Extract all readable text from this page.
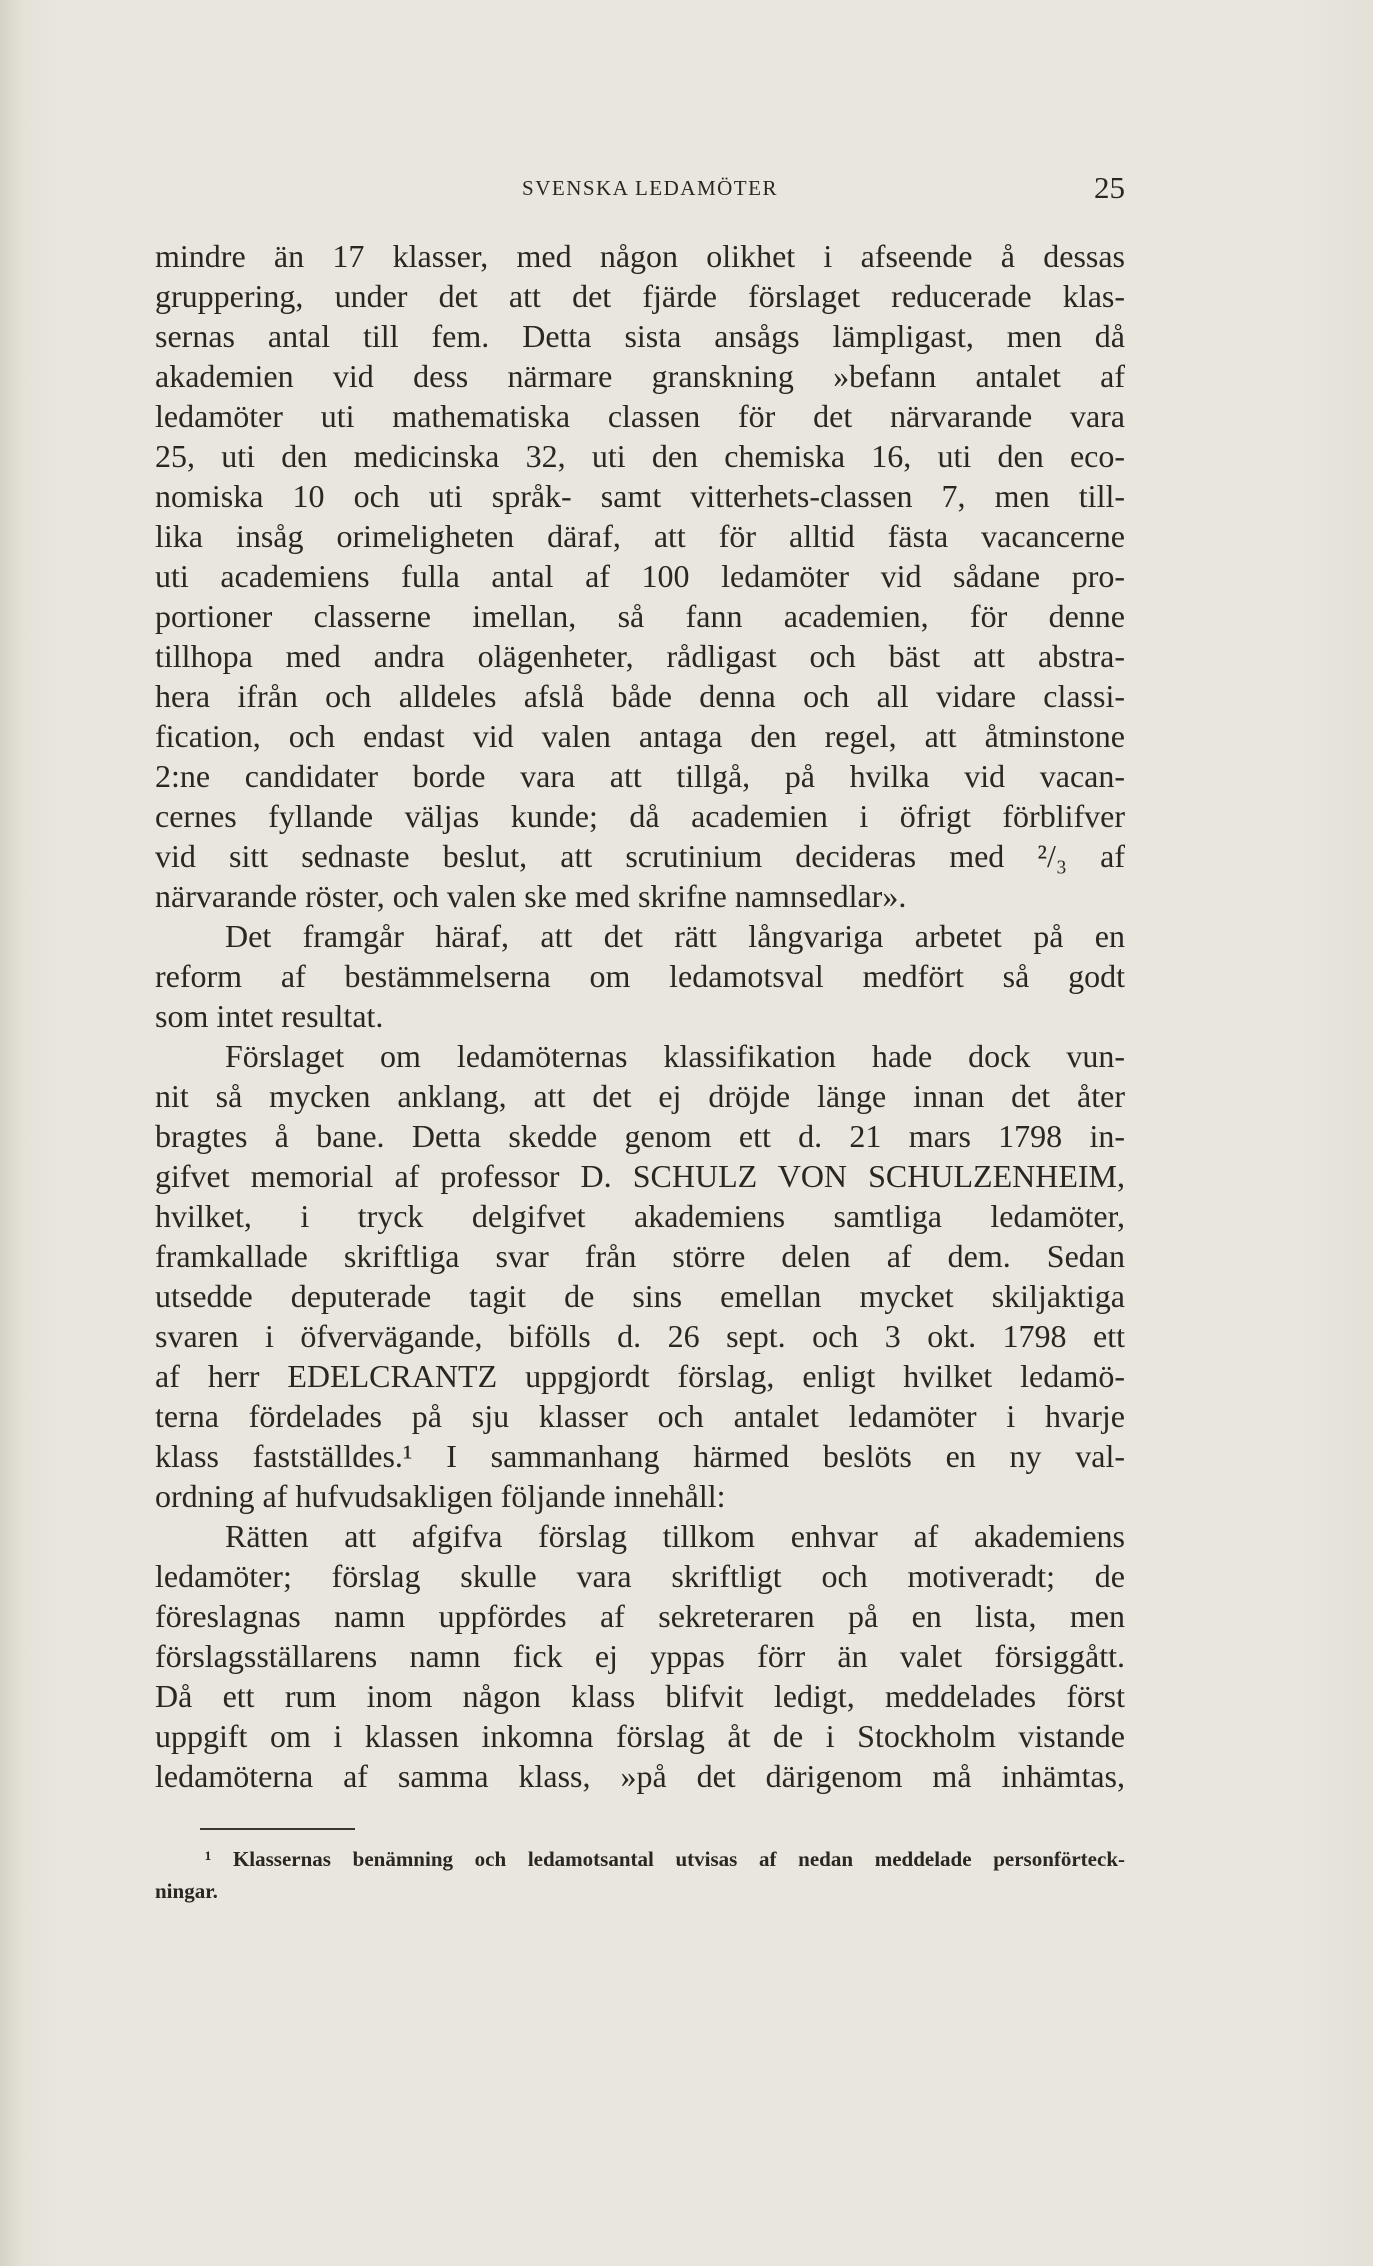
SVENSKA LEDAMÖTER	25
mindre än 17 klasser, med någon olikhet i afseende å dessas
gruppering, under det att det fjärde förslaget reducerade klas-
sernas antal till fem. Detta sista ansågs lämpligast, men då
akademien vid dess närmare granskning »befann antalet af
ledamöter uti mathematiska classen för det närvarande vara
25, uti den medicinska 32, uti den chemiska 16, uti den eco-
nomiska 10 och uti språk- samt vitterhets-classen 7, men till-
lika insåg orimeligheten däraf, att för alltid fästa vacancerne
uti academiens fulla antal af 100 ledamöter vid sådane pro-
portioner classerne imellan, så fann academien, för denne
tillhopa med andra olägenheter, rådligast och bäst att abstra-
hera ifrån och alldeles afslå både denna och all vidare classi-
fication, och endast vid valen antaga den regel, att åtminstone
2:ne candidater borde vara att tillgå, på hvilka vid vacan-
cernes fyllande väljas kunde; då academien i öfrigt förblifver
vid sitt sednaste beslut, att scrutinium decideras med ²/₃ af
närvarande röster, och valen ske med skrifne namnsedlar».
Det framgår häraf, att det rätt långvariga arbetet på en
reform af bestämmelserna om ledamotsval medfört så godt
som intet resultat.
Förslaget om ledamöternas klassifikation hade dock vun-
nit så mycken anklang, att det ej dröjde länge innan det åter
bragtes å bane. Detta skedde genom ett d. 21 mars 1798 in-
gifvet memorial af professor D. SCHULZ VON SCHULZENHEIM,
hvilket, i tryck delgifvet akademiens samtliga ledamöter,
framkallade skriftliga svar från större delen af dem. Sedan
utsedde deputerade tagit de sins emellan mycket skiljaktiga
svaren i öfvervägande, bifölls d. 26 sept. och 3 okt. 1798 ett
af herr EDELCRANTZ uppgjordt förslag, enligt hvilket ledamö-
terna fördelades på sju klasser och antalet ledamöter i hvarje
klass fastställdes.¹ I sammanhang härmed beslöts en ny val-
ordning af hufvudsakligen följande innehåll:
Rätten att afgifva förslag tillkom enhvar af akademiens
ledamöter; förslag skulle vara skriftligt och motiveradt; de
föreslagnas namn uppfördes af sekreteraren på en lista, men
förslagsställarens namn fick ej yppas förr än valet försiggått.
Då ett rum inom någon klass blifvit ledigt, meddelades först
uppgift om i klassen inkomna förslag åt de i Stockholm vistande
ledamöterna af samma klass, »på det därigenom må inhämtas,
¹ Klassernas benämning och ledamotsantal utvisas af nedan meddelade personförteck-
ningar.
